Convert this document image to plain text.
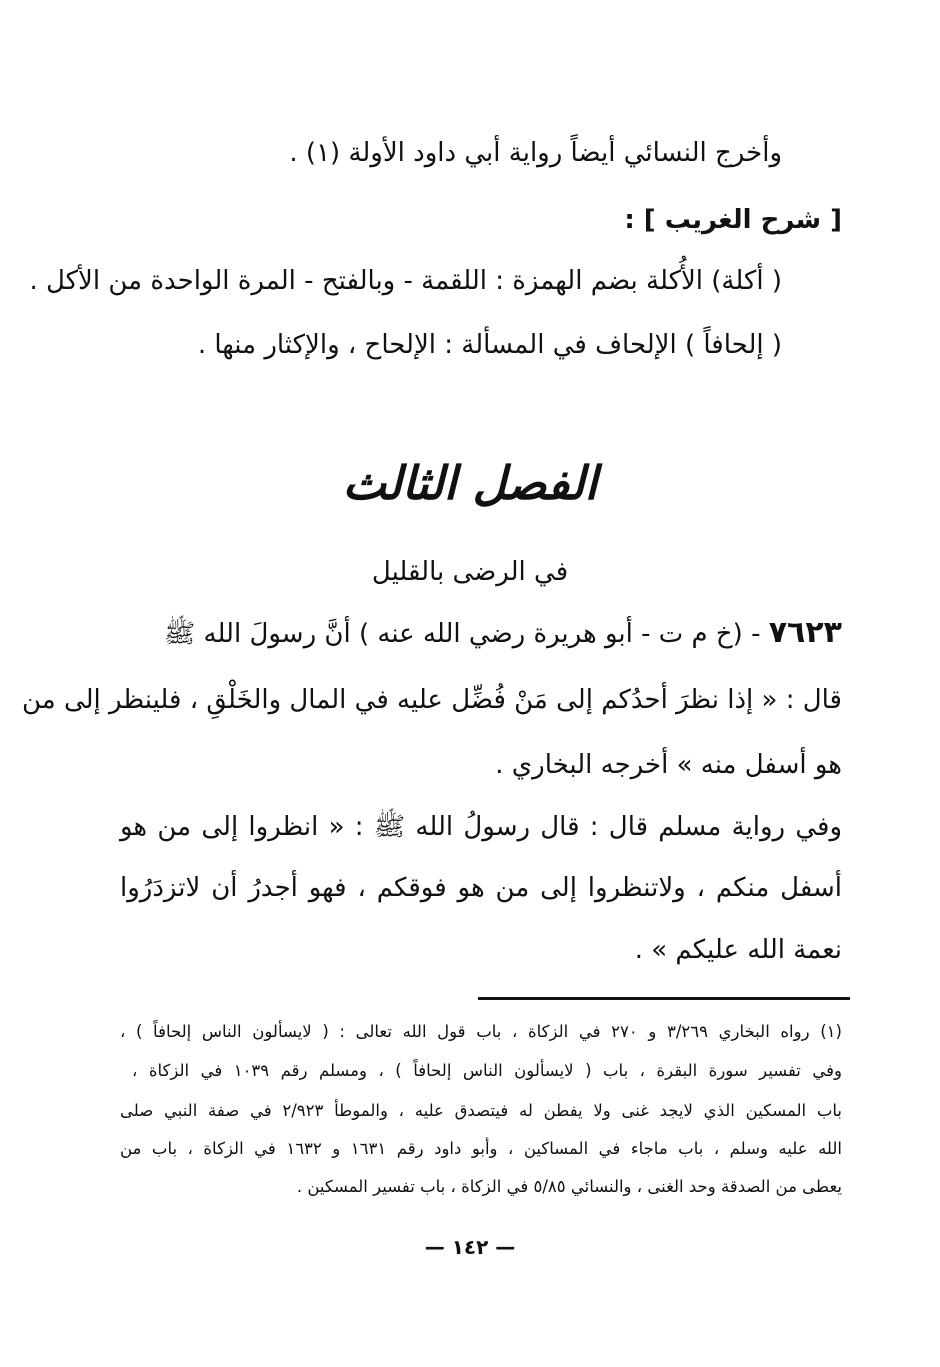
وأخرج النسائي أيضاً رواية أبي داود الأولة (١) .
[ شرح الغريب ] :
( أكلة) الأُكلة بضم الهمزة : اللقمة - وبالفتح - المرة الواحدة من الأكل .
( إلحافاً ) الإلحاف في المسألة : الإلحاح ، والإكثار منها .
الفصل الثالث
في الرضى بالقليل
٧٦٢٣ - (خ م ت - أبو هريرة رضي الله عنه ) أنَّ رسولَ الله ﷺ
قال : « إذا نظرَ أحدُكم إلى مَنْ فُضِّل عليه في المال والخَلْقِ ، فلينظر إلى من
هو أسفل منه » أخرجه البخاري .
وفي رواية مسلم قال : قال رسولُ الله ﷺ : « انظروا إلى من هو
أسفل منكم ، ولاتنظروا إلى من هو فوقكم ، فهو أجدرُ أن لاتزدَرُوا
نعمة الله عليكم » .
(١) رواه البخاري ٣/٢٦٩ و ٢٧٠ في الزكاة ، باب قول الله تعالى : ( لايسألون الناس إلحافاً ) ،
وفي تفسير سورة البقرة ، باب ( لايسألون الناس إلحافاً ) ، ومسلم رقم ١٠٣٩ في الزكاة ،
باب المسكين الذي لايجد غنى ولا يفطن له فيتصدق عليه ، والموطأ ٢/٩٢٣ في صفة النبي صلى
الله عليه وسلم ، باب ماجاء في المساكين ، وأبو داود رقم ١٦٣١ و ١٦٣٢ في الزكاة ، باب من
يعطى من الصدقة وحد الغنى ، والنسائي ٥/٨٥ في الزكاة ، باب تفسير المسكين .
— ١٤٢ —
